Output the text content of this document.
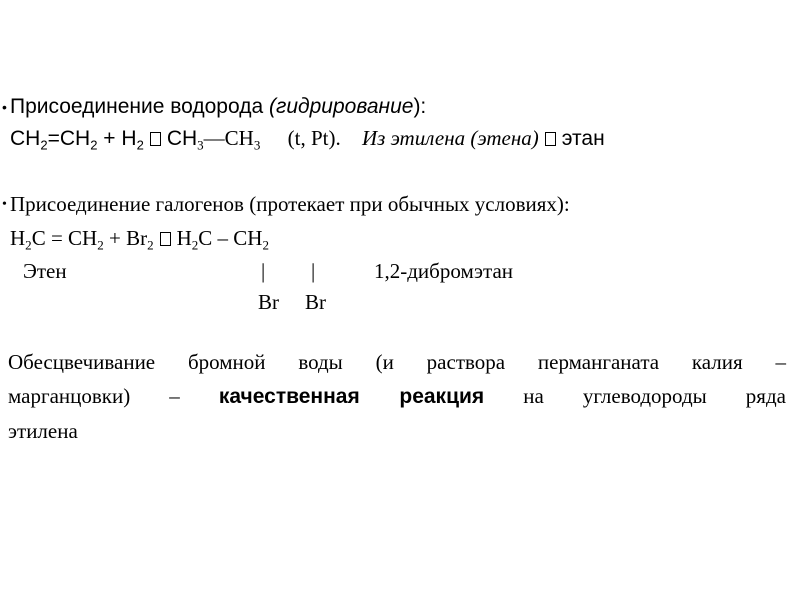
• Присоединение водорода (гидрирование):
$CH_2=CH_2 + H_2$ $CH_3—CH_3$ (t, Pt). Из этилена (этена) этан
• Присоединение галогенов (протекает при обычных условиях):
$H_2C = CH_2 + Br_2$ $H_2C - CH_2$
Этен	| |	1,2-дибромэтан
Br Br
Обесцвечивание бромной воды (и раствора перманганата калия –
марганцовки) – качественная реакция на углеводороды ряда
этилена
